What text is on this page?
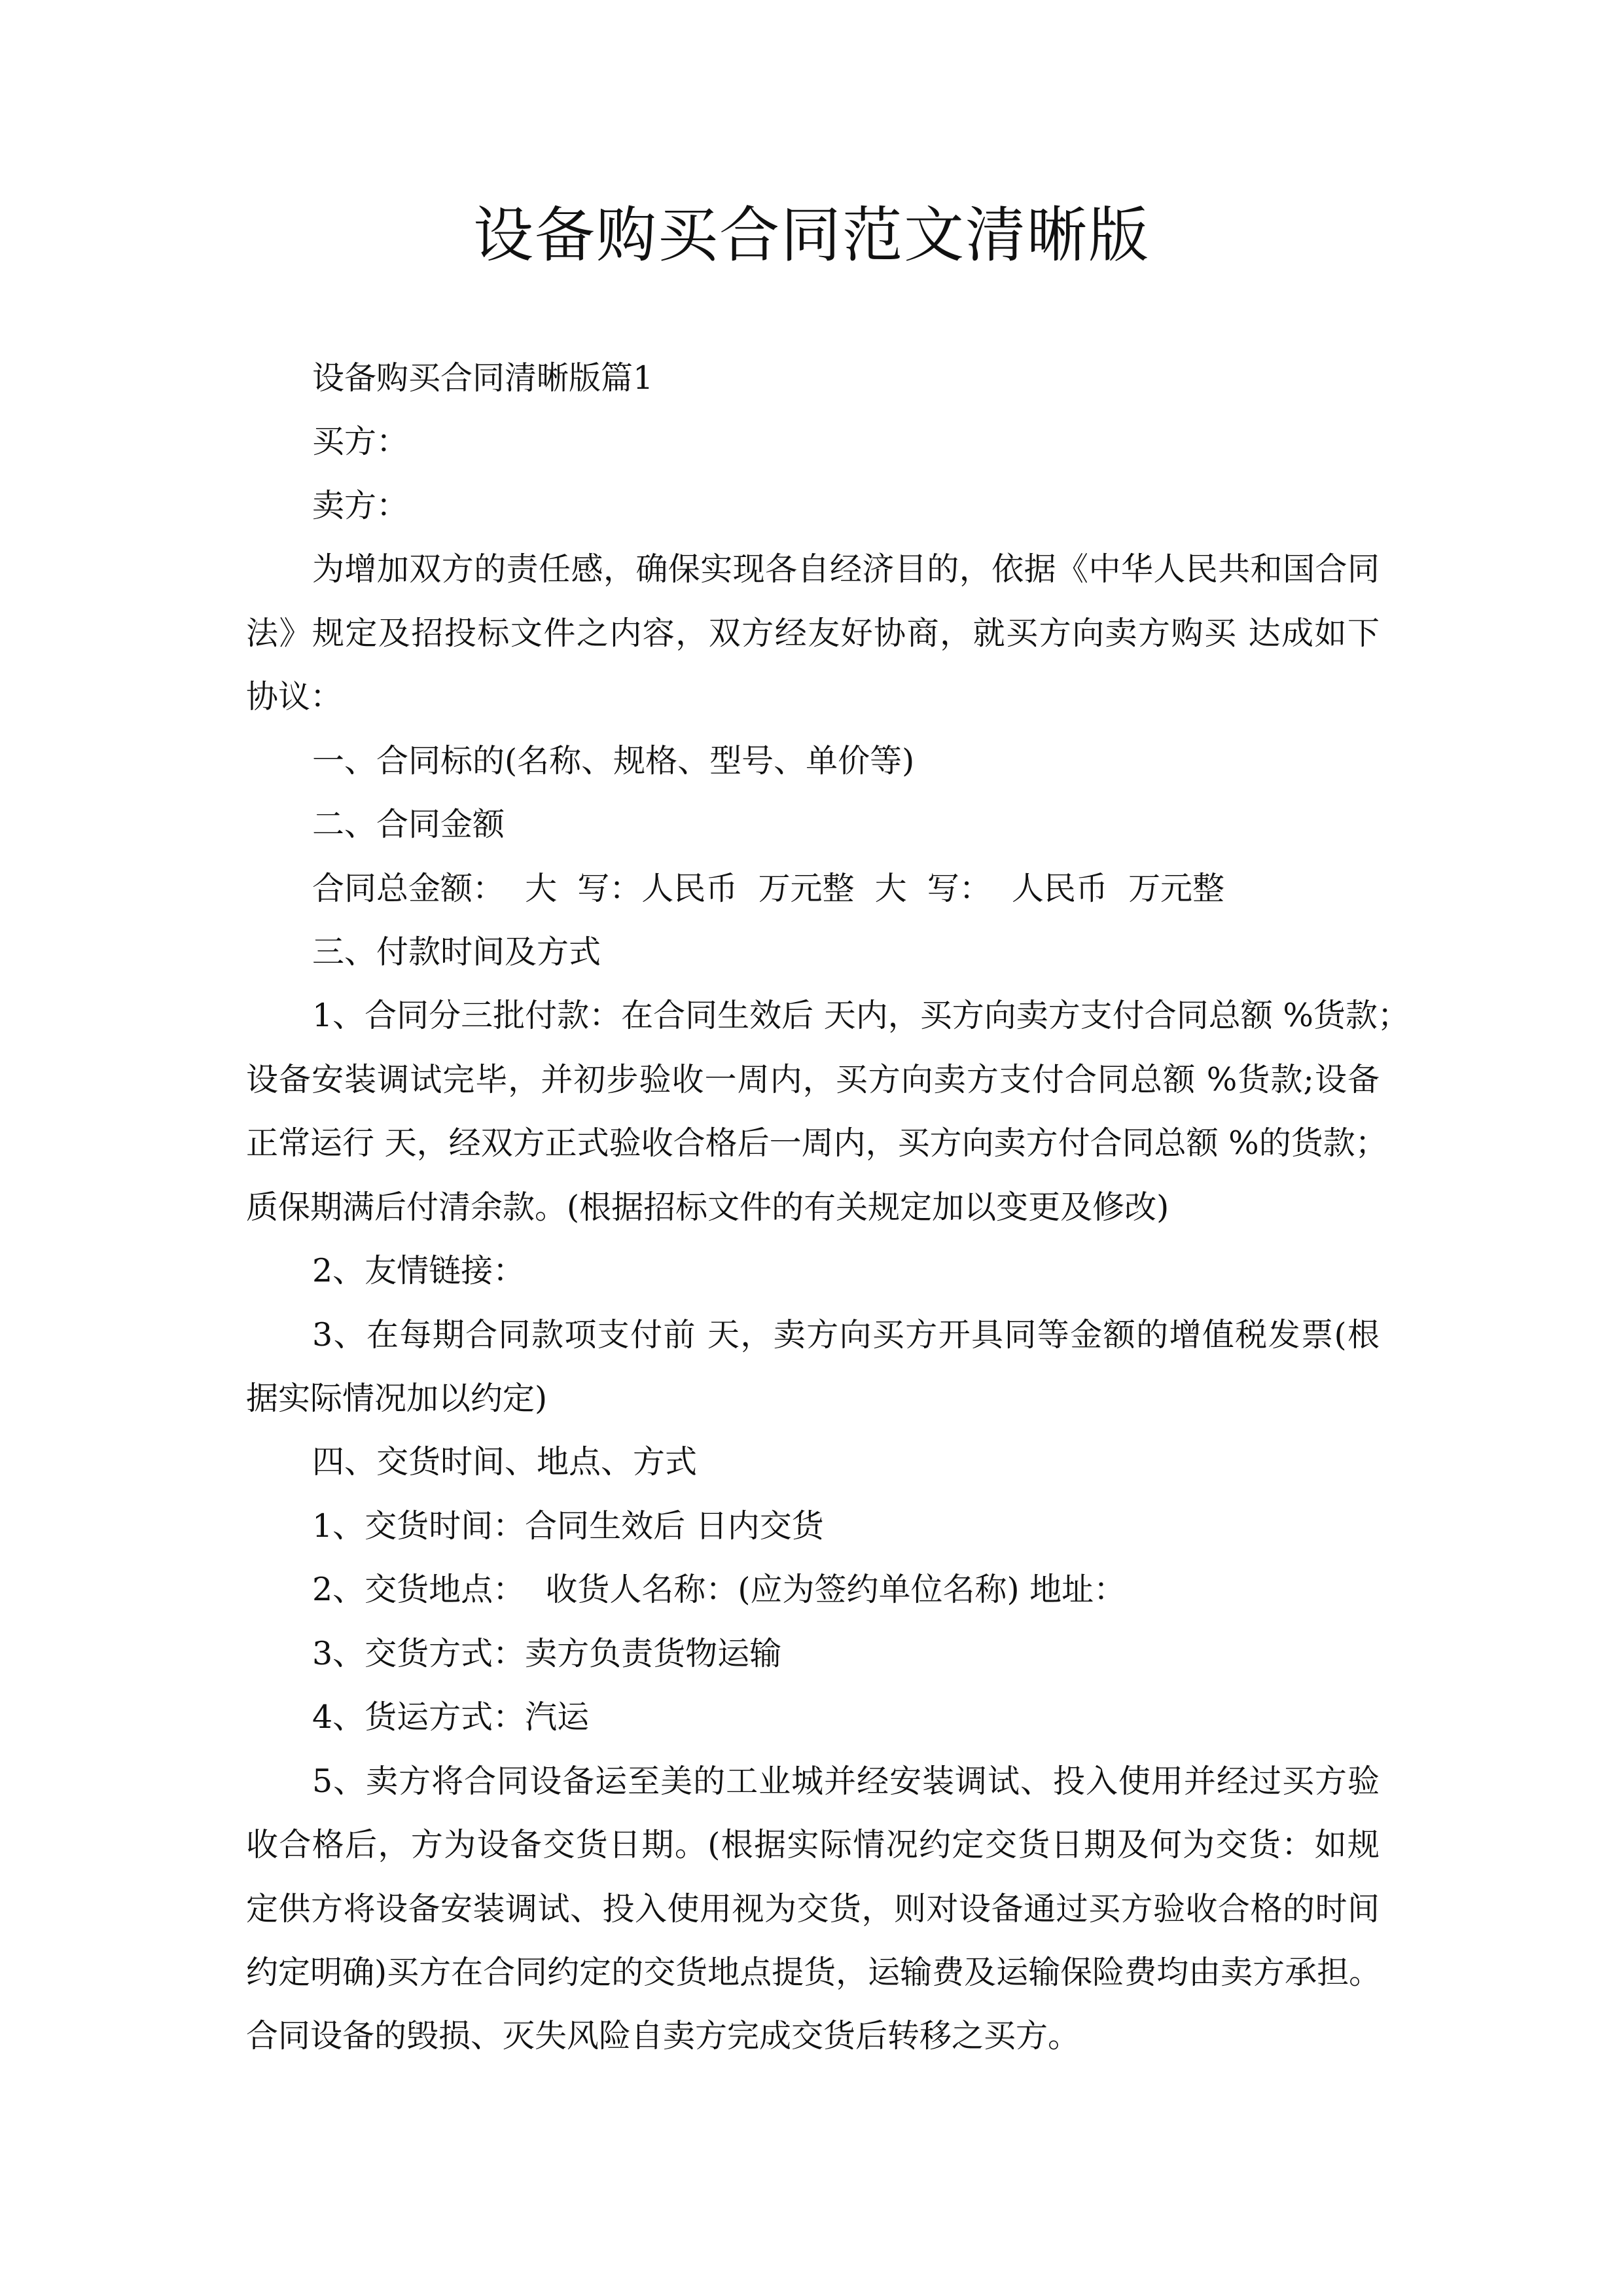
设备购买合同范文清晰版
设备购买合同清晰版篇1
买方：
卖方：
为增加双方的责任感，确保实现各自经济目的，依据《中华人民共和国合同
法》规定及招投标文件之内容，双方经友好协商，就买方向卖方购买 达成如下
协议：
一、合同标的(名称、规格、型号、单价等)
二、合同金额
合同总金额：  大  写：人民币  万元整  大  写：  人民币  万元整
三、付款时间及方式
1、合同分三批付款：在合同生效后 天内，买方向卖方支付合同总额 %货款；
设备安装调试完毕，并初步验收一周内，买方向卖方支付合同总额 %货款;设备
正常运行 天，经双方正式验收合格后一周内，买方向卖方付合同总额 %的货款；
质保期满后付清余款。(根据招标文件的有关规定加以变更及修改)
2、友情链接：
3、在每期合同款项支付前 天，卖方向买方开具同等金额的增值税发票(根
据实际情况加以约定)
四、交货时间、地点、方式
1、交货时间：合同生效后 日内交货
2、交货地点：  收货人名称：(应为签约单位名称) 地址：
3、交货方式：卖方负责货物运输
4、货运方式：汽运
5、卖方将合同设备运至美的工业城并经安装调试、投入使用并经过买方验
收合格后，方为设备交货日期。(根据实际情况约定交货日期及何为交货：如规
定供方将设备安装调试、投入使用视为交货，则对设备通过买方验收合格的时间
约定明确)买方在合同约定的交货地点提货，运输费及运输保险费均由卖方承担。
合同设备的毁损、灭失风险自卖方完成交货后转移之买方。
